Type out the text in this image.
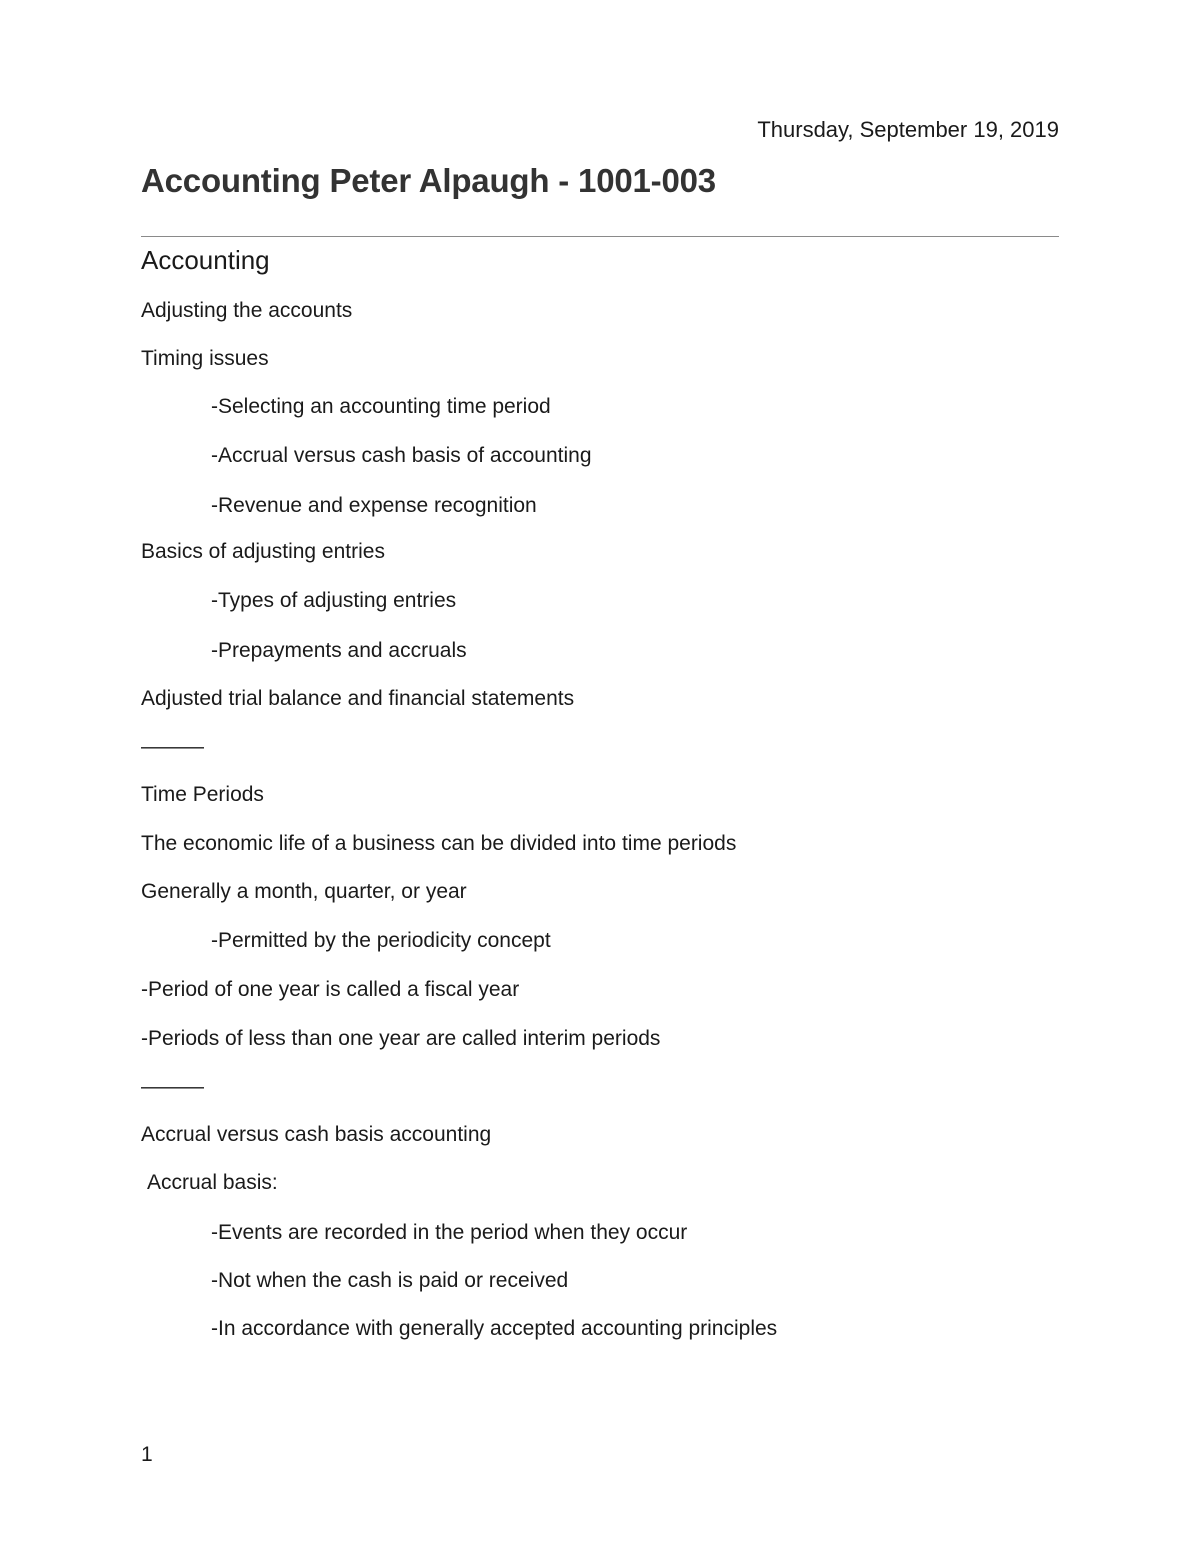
Thursday, September 19, 2019
Accounting Peter Alpaugh - 1001-003
Accounting
Adjusting the accounts
Timing issues
-Selecting an accounting time period
-Accrual versus cash basis of accounting
-Revenue and expense recognition
Basics of adjusting entries
-Types of adjusting entries
-Prepayments and accruals
Adjusted trial balance and financial statements
———
Time Periods
The economic life of a business can be divided into time periods
Generally a month, quarter, or year
-Permitted by the periodicity concept
-Period of one year is called a fiscal year
-Periods of less than one year are called interim periods
———
Accrual versus cash basis accounting
Accrual basis:
-Events are recorded in the period when they occur
-Not when the cash is paid or received
-In accordance with generally accepted accounting principles
1
